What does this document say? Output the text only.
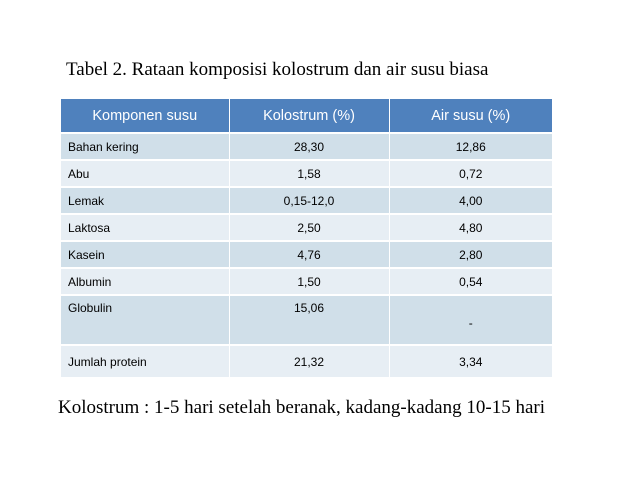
Tabel 2. Rataan komposisi kolostrum dan air susu biasa
Komponen susu	Kolostrum (%)	Air susu (%)
Bahan kering	28,30	12,86
Abu	1,58	0,72
Lemak	0,15-12,0	4,00
Laktosa	2,50	4,80
Kasein	4,76	2,80
Albumin	1,50	0,54
Globulin	15,06	-
Jumlah protein	21,32	3,34
Kolostrum : 1-5 hari setelah beranak, kadang-kadang 10-15 hari
